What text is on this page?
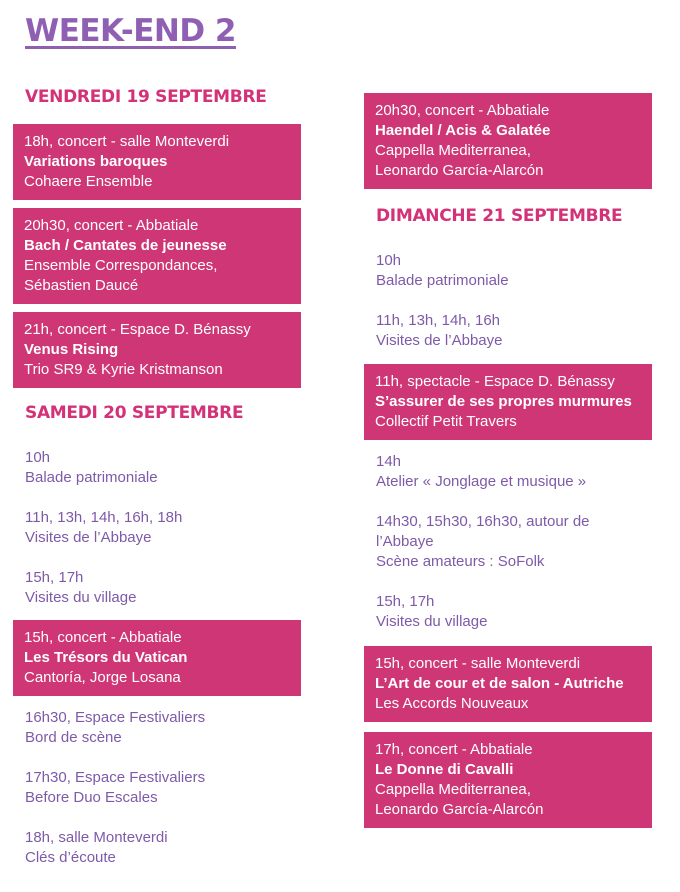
WEEK-END 2
VENDREDI 19 SEPTEMBRE
18h, concert - salle Monteverdi
Variations baroques
Cohaere Ensemble
20h30, concert - Abbatiale
Bach / Cantates de jeunesse
Ensemble Correspondances,
Sébastien Daucé
21h, concert - Espace D. Bénassy
Venus Rising
Trio SR9 & Kyrie Kristmanson
SAMEDI 20 SEPTEMBRE
10h
Balade patrimoniale
11h, 13h, 14h, 16h, 18h
Visites de l’Abbaye
15h, 17h
Visites du village
15h, concert - Abbatiale
Les Trésors du Vatican
Cantoría, Jorge Losana
16h30, Espace Festivaliers
Bord de scène
17h30, Espace Festivaliers
Before Duo Escales
18h, salle Monteverdi
Clés d’écoute
20h30, concert - Abbatiale
Haendel / Acis & Galatée
Cappella Mediterranea,
Leonardo García-Alarcón
DIMANCHE 21 SEPTEMBRE
10h
Balade patrimoniale
11h, 13h, 14h, 16h
Visites de l’Abbaye
11h, spectacle - Espace D. Bénassy
S’assurer de ses propres murmures
Collectif Petit Travers
14h
Atelier « Jonglage et musique »
14h30, 15h30, 16h30, autour de l’Abbaye
Scène amateurs : SoFolk
15h, 17h
Visites du village
15h, concert - salle Monteverdi
L’Art de cour et de salon - Autriche
Les Accords Nouveaux
17h, concert - Abbatiale
Le Donne di Cavalli
Cappella Mediterranea,
Leonardo García-Alarcón
